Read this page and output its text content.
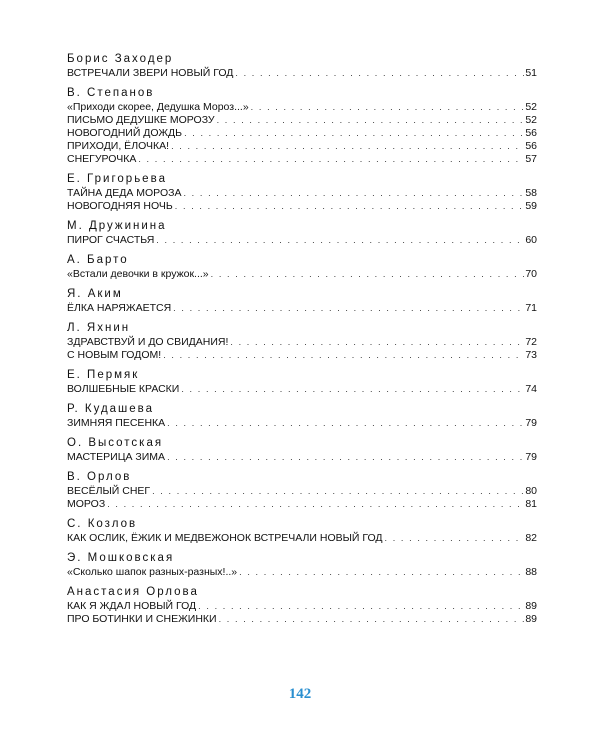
Борис Заходер
ВСТРЕЧАЛИ ЗВЕРИ НОВЫЙ ГОД . . .	51
В. Степанов
«Приходи скорее, Дедушка Мороз...» . . .	52
ПИСЬМО ДЕДУШКЕ МОРОЗУ . . .	52
НОВОГОДНИЙ ДОЖДЬ . . .	56
ПРИХОДИ, ЁЛОЧКА! . . .	56
СНЕГУРОЧКА . . .	57
Е. Григорьева
ТАЙНА ДЕДА МОРОЗА . . .	58
НОВОГОДНЯЯ НОЧЬ . . .	59
М. Дружинина
ПИРОГ СЧАСТЬЯ . . .	60
А. Барто
«Встали девочки в кружок...» . . .	70
Я. Аким
ЁЛКА НАРЯЖАЕТСЯ . . .	71
Л. Яхнин
ЗДРАВСТВУЙ И ДО СВИДАНИЯ! . . .	72
С НОВЫМ ГОДОМ! . . .	73
Е. Пермяк
ВОЛШЕБНЫЕ КРАСКИ . . .	74
Р. Кудашева
ЗИМНЯЯ ПЕСЕНКА . . .	79
О. Высотская
МАСТЕРИЦА ЗИМА . . .	79
В. Орлов
ВЕСЁЛЫЙ СНЕГ . . .	80
МОРОЗ . . .	81
С. Козлов
КАК ОСЛИК, ЁЖИК И МЕДВЕЖОНОК ВСТРЕЧАЛИ НОВЫЙ ГОД . . .	82
Э. Мошковская
«Сколько шапок разных-разных!..» . . .	88
Анастасия Орлова
КАК Я ЖДАЛ НОВЫЙ ГОД . . .	89
ПРО БОТИНКИ И СНЕЖИНКИ . . .	89
142
